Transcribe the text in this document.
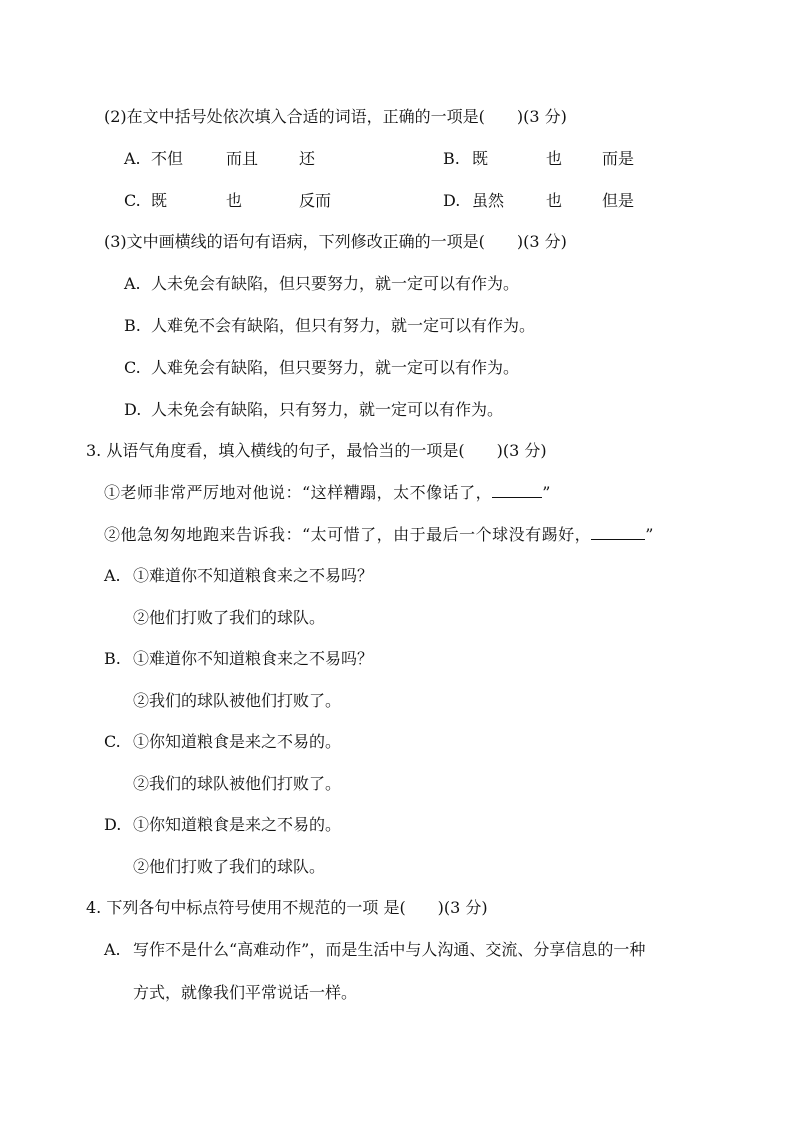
(2)在文中括号处依次填入合适的词语，正确的一项是(　　)(3 分)
A. 不但	而且	还	B. 既	也 而是
C. 既	也	反而	D. 虽然	也 但是
(3)文中画横线的语句有语病，下列修改正确的一项是(　　)(3 分)
A. 人未免会有缺陷，但只要努力，就一定可以有作为。
B. 人难免不会有缺陷，但只有努力，就一定可以有作为。
C. 人难免会有缺陷，但只要努力，就一定可以有作为。
D. 人未免会有缺陷，只有努力，就一定可以有作为。
3. 从语气角度看，填入横线的句子，最恰当的一项是(　　)(3 分)
①老师非常严厉地对他说：“这样糟蹋，太不像话了，	”
②他急匆匆地跑来告诉我：“太可惜了，由于最后一个球没有踢好，	”
A. ①难道你不知道粮食来之不易吗？
②他们打败了我们的球队。
B. ①难道你不知道粮食来之不易吗？
②我们的球队被他们打败了。
C. ①你知道粮食是来之不易的。
②我们的球队被他们打败了。
D. ①你知道粮食是来之不易的。
②他们打败了我们的球队。
4. 下列各句中标点符号使用不规范的一项 是(　　)(3 分)
A. 写作不是什么“高难动作”，而是生活中与人沟通、交流、分享信息的一种
方式，就像我们平常说话一样。
